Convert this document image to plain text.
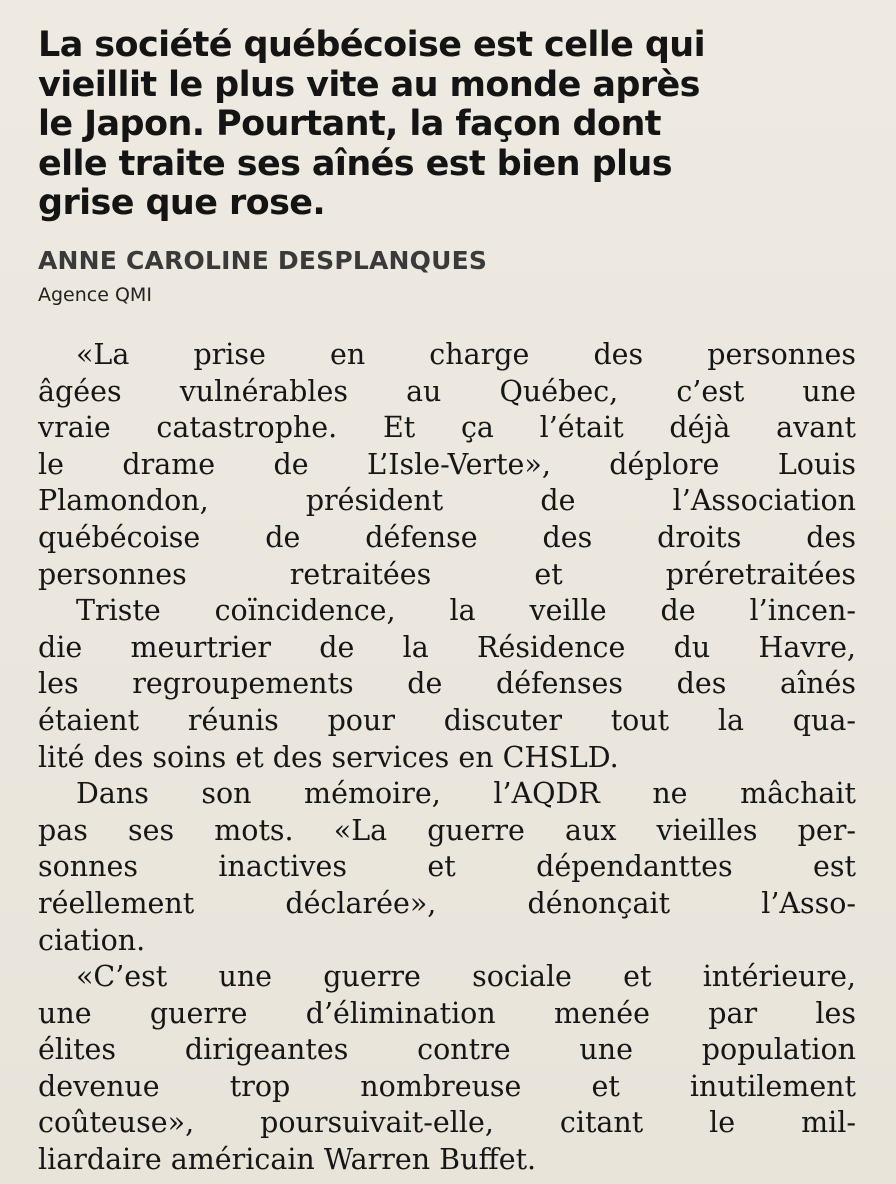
La société québécoise est celle qui
vieillit le plus vite au monde après
le Japon. Pourtant, la façon dont
elle traite ses aînés est bien plus
grise que rose.
ANNE CAROLINE DESPLANQUES
Agence QMI
«La prise en charge des personnes
âgées vulnérables au Québec, c’est une
vraie catastrophe. Et ça l’était déjà avant
le drame de L’Isle-Verte», déplore Louis
Plamondon, président de l’Association
québécoise de défense des droits des
personnes retraitées et préretraitées
Triste coïncidence, la veille de l’incen-
die meurtrier de la Résidence du Havre,
les regroupements de défenses des aînés
étaient réunis pour discuter tout la qua-
lité des soins et des services en CHSLD.
Dans son mémoire, l’AQDR ne mâchait
pas ses mots. «La guerre aux vieilles per-
sonnes inactives et dépendanttes est
réellement déclarée», dénonçait l’Asso-
ciation.
«C’est une guerre sociale et intérieure,
une guerre d’élimination menée par les
élites dirigeantes contre une population
devenue trop nombreuse et inutilement
coûteuse», poursuivait-elle, citant le mil-
liardaire américain Warren Buffet.
